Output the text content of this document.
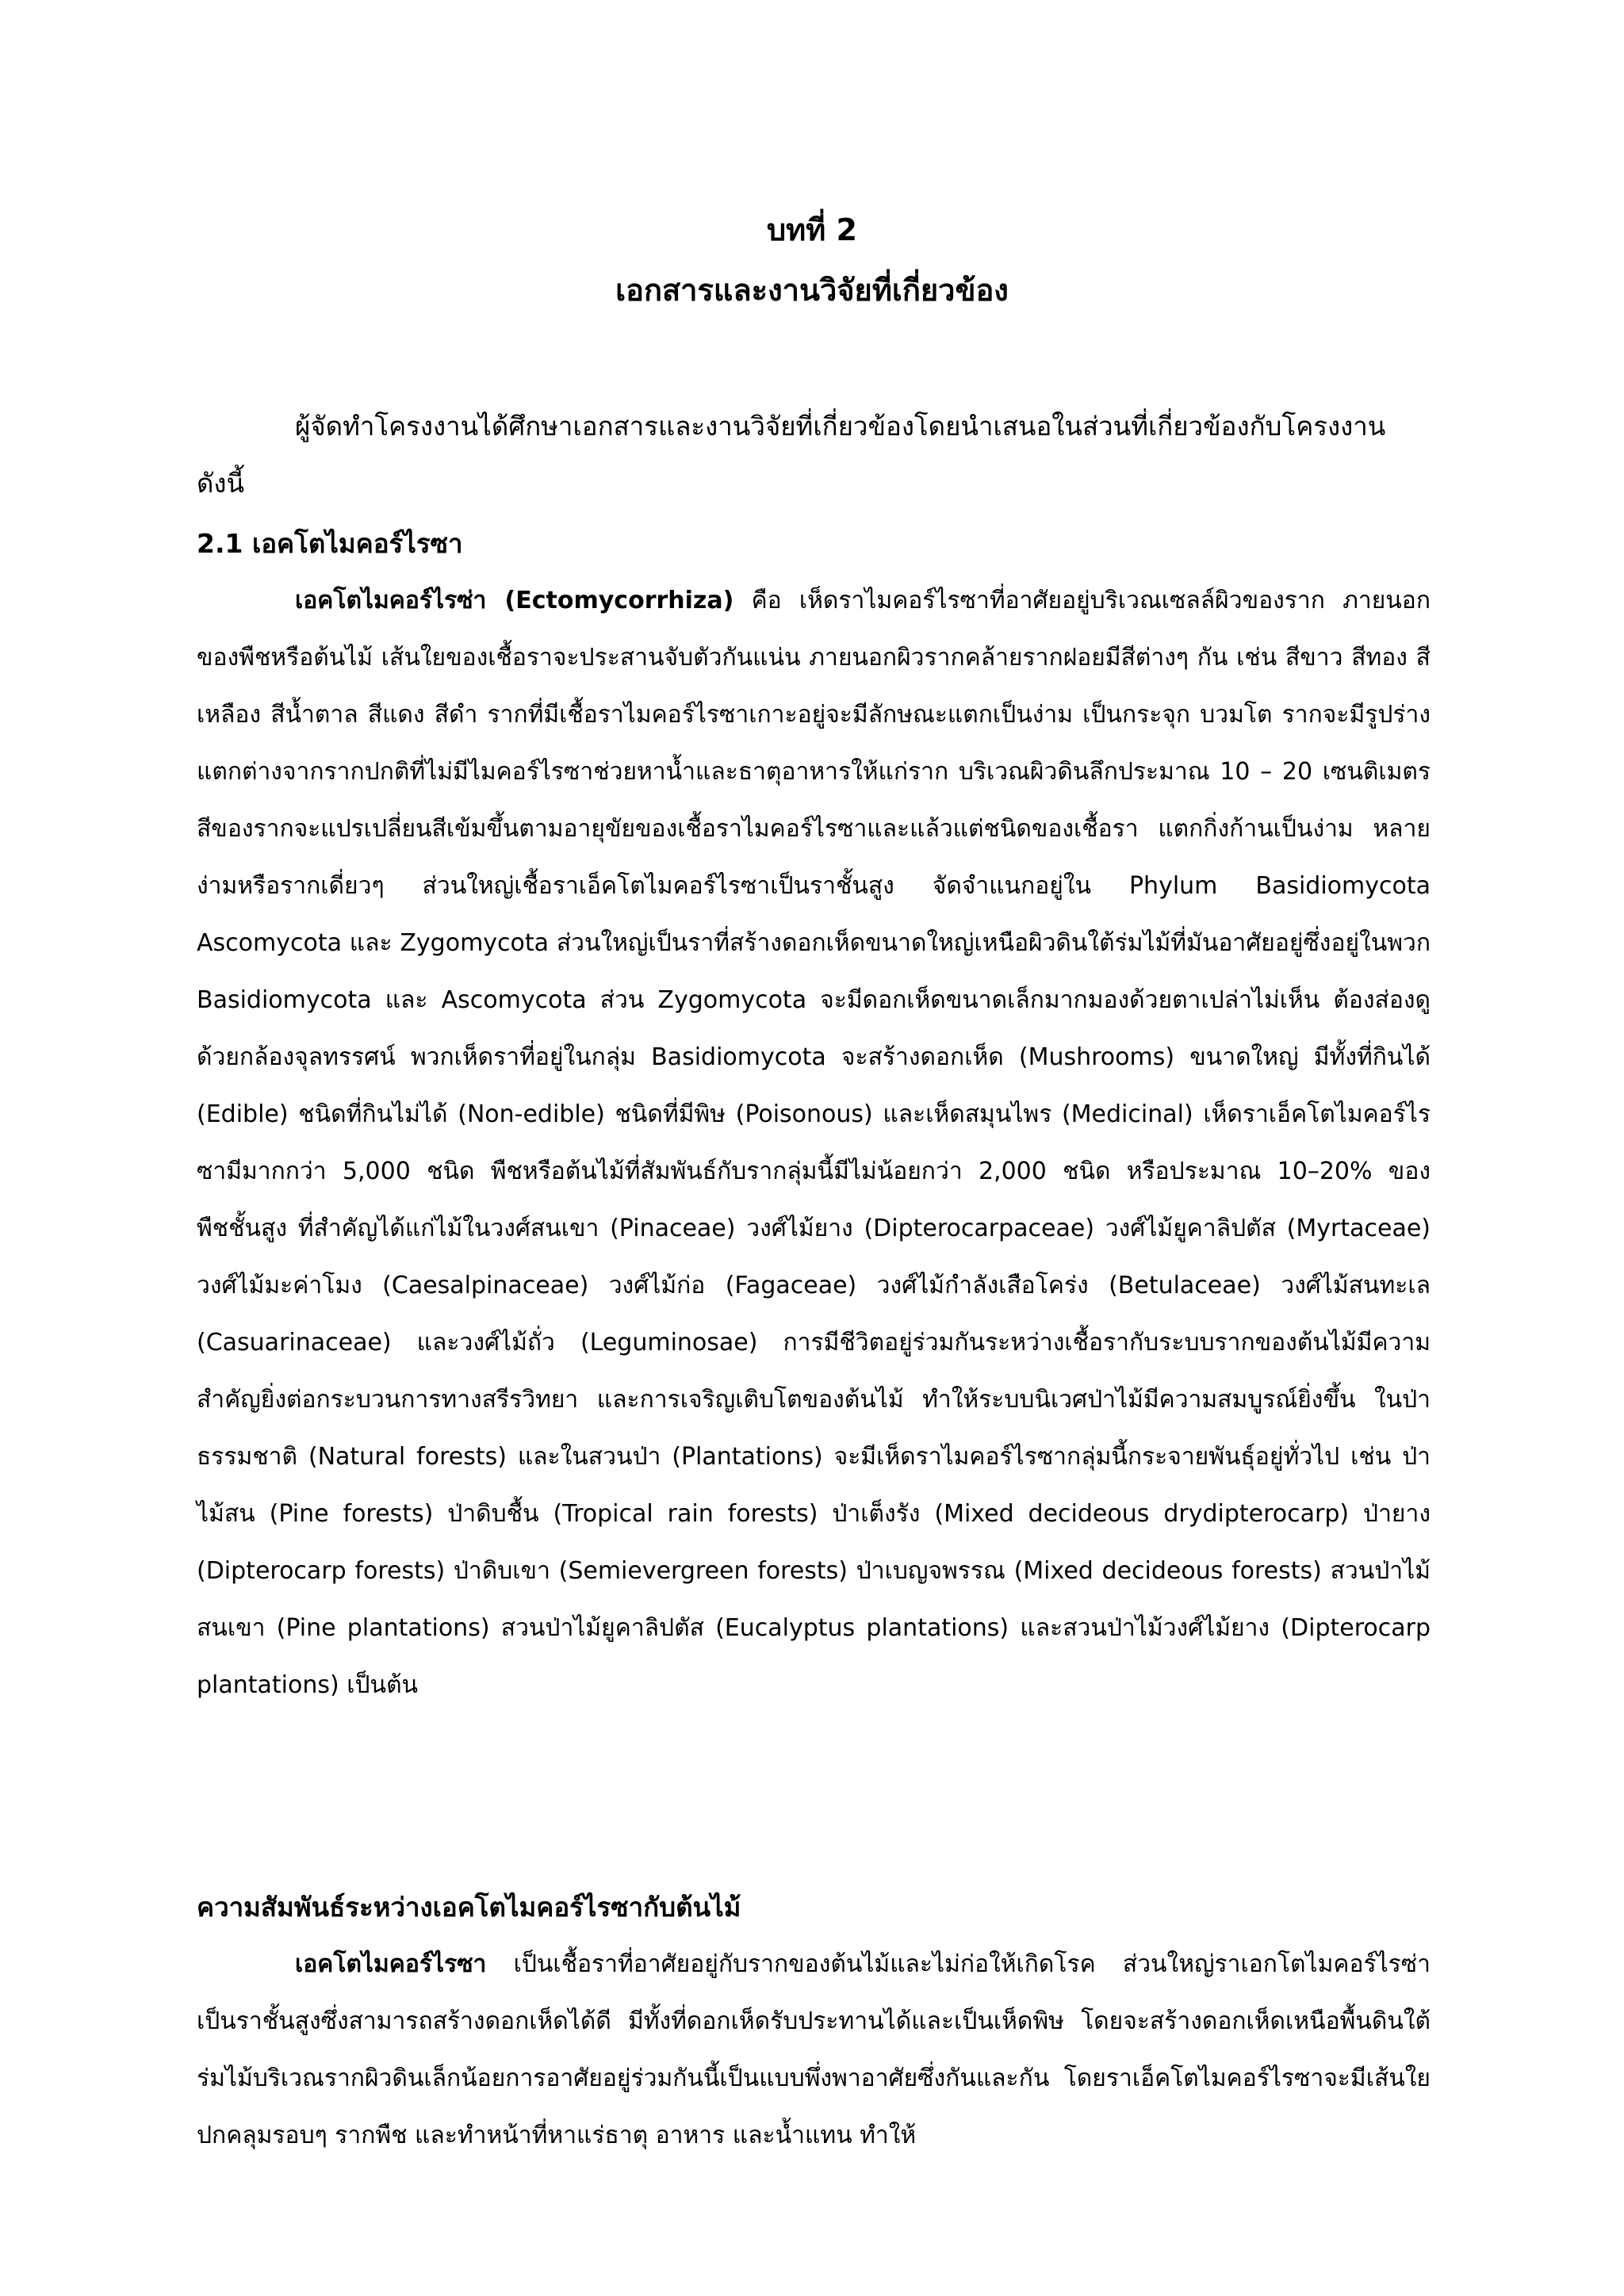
บทที่ 2
เอกสารและงานวิจัยที่เกี่ยวข้อง

ผู้จัดทำโครงงานได้ศึกษาเอกสารและงานวิจัยที่เกี่ยวข้องโดยนำเสนอในส่วนที่เกี่ยวข้องกับโครงงาน ดังนี้

2.1 เอคโตไมคอร์ไรซา

เอคโตไมคอร์ไรซ่า (Ectomycorrhiza) คือ เห็ดราไมคอร์ไรซาที่อาศัยอยู่บริเวณเซลล์ผิวของราก ภายนอกของพืชหรือต้นไม้ เส้นใยของเชื้อราจะประสานจับตัวกันแน่น ภายนอกผิวรากคล้ายรากฝอยมีสีต่างๆ กัน เช่น สีขาว สีทอง สีเหลือง สีน้ำตาล สีแดง สีดำ รากที่มีเชื้อราไมคอร์ไรซาเกาะอยู่จะมีลักษณะแตกเป็นง่าม เป็นกระจุก บวมโต รากจะมีรูปร่างแตกต่างจากรากปกติที่ไม่มีไมคอร์ไรซาช่วยหาน้ำและธาตุอาหารให้แก่ราก บริเวณผิวดินลึกประมาณ 10 – 20 เซนติเมตร สีของรากจะแปรเปลี่ยนสีเข้มขึ้นตามอายุขัยของเชื้อราไมคอร์ไรซาและแล้วแต่ชนิดของเชื้อรา แตกกิ่งก้านเป็นง่าม หลายง่ามหรือรากเดี่ยวๆ ส่วนใหญ่เชื้อราเอ็คโตไมคอร์ไรซาเป็นราชั้นสูง จัดจำแนกอยู่ใน Phylum Basidiomycota Ascomycota และ Zygomycota ส่วนใหญ่เป็นราที่สร้างดอกเห็ดขนาดใหญ่เหนือผิวดินใต้ร่มไม้ที่มันอาศัยอยู่ซึ่งอยู่ในพวก Basidiomycota และ Ascomycota ส่วน Zygomycota จะมีดอกเห็ดขนาดเล็กมากมองด้วยตาเปล่าไม่เห็น ต้องส่องดูด้วยกล้องจุลทรรศน์ พวกเห็ดราที่อยู่ในกลุ่ม Basidiomycota จะสร้างดอกเห็ด (Mushrooms) ขนาดใหญ่ มีทั้งที่กินได้ (Edible) ชนิดที่กินไม่ได้ (Non-edible) ชนิดที่มีพิษ (Poisonous) และเห็ดสมุนไพร (Medicinal) เห็ดราเอ็คโตไมคอร์ไรซามีมากกว่า 5,000 ชนิด พืชหรือต้นไม้ที่สัมพันธ์กับรากลุ่มนี้มีไม่น้อยกว่า 2,000 ชนิด หรือประมาณ 10–20% ของพืชชั้นสูง ที่สำคัญได้แก่ไม้ในวงศ์สนเขา (Pinaceae) วงศ์ไม้ยาง (Dipterocarpaceae) วงศ์ไม้ยูคาลิปตัส (Myrtaceae) วงศ์ไม้มะค่าโมง (Caesalpinaceae) วงศ์ไม้ก่อ (Fagaceae) วงศ์ไม้กำลังเสือโคร่ง (Betulaceae) วงศ์ไม้สนทะเล (Casuarinaceae) และวงศ์ไม้ถั่ว (Leguminosae) การมีชีวิตอยู่ร่วมกันระหว่างเชื้อรากับระบบรากของต้นไม้มีความสำคัญยิ่งต่อกระบวนการทางสรีรวิทยา และการเจริญเติบโตของต้นไม้ ทำให้ระบบนิเวศป่าไม้มีความสมบูรณ์ยิ่งขึ้น ในป่าธรรมชาติ (Natural forests) และในสวนป่า (Plantations) จะมีเห็ดราไมคอร์ไรซากลุ่มนี้กระจายพันธุ์อยู่ทั่วไป เช่น ป่าไม้สน (Pine forests) ป่าดิบชื้น (Tropical rain forests) ป่าเต็งรัง (Mixed decideous drydipterocarp) ป่ายาง (Dipterocarp forests) ป่าดิบเขา (Semievergreen forests) ป่าเบญจพรรณ (Mixed decideous forests) สวนป่าไม้สนเขา (Pine plantations) สวนป่าไม้ยูคาลิปตัส (Eucalyptus plantations) และสวนป่าไม้วงศ์ไม้ยาง (Dipterocarp plantations) เป็นต้น

ความสัมพันธ์ระหว่างเอคโตไมคอร์ไรซากับต้นไม้

เอคโตไมคอร์ไรซา เป็นเชื้อราที่อาศัยอยู่กับรากของต้นไม้และไม่ก่อให้เกิดโรค ส่วนใหญ่ราเอกโตไมคอร์ไรซ่าเป็นราชั้นสูงซึ่งสามารถสร้างดอกเห็ดได้ดี มีทั้งที่ดอกเห็ดรับประทานได้และเป็นเห็ดพิษ โดยจะสร้างดอกเห็ดเหนือพื้นดินใต้ร่มไม้บริเวณรากผิวดินเล็กน้อยการอาศัยอยู่ร่วมกันนี้เป็นแบบพึ่งพาอาศัยซึ่งกันและกัน โดยราเอ็คโตไมคอร์ไรซาจะมีเส้นใยปกคลุมรอบๆ รากพืช และทำหน้าที่หาแร่ธาตุ อาหาร และน้ำแทน ทำให้
